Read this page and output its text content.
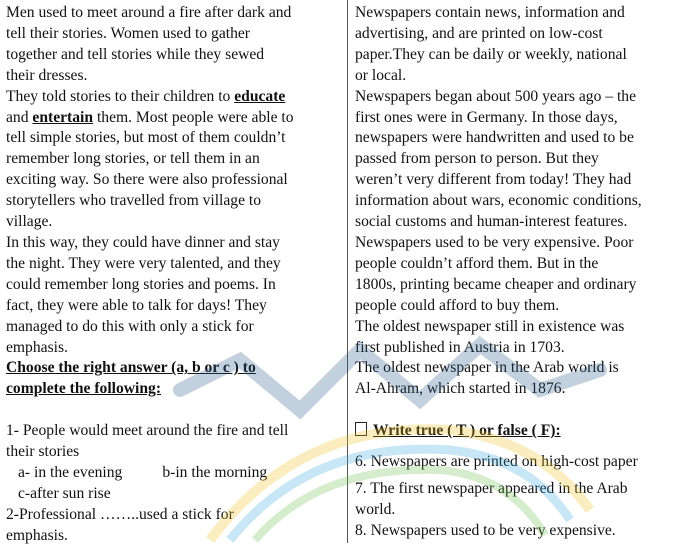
Men used to meet around a fire after dark and

tell their stories. Women used to gather

together and tell stories while they sewed

their dresses.

They told stories to their children to educate

and entertain them. Most people were able to

tell simple stories, but most of them couldn’t

remember long stories, or tell them in an

exciting way. So there were also professional

storytellers who travelled from village to

village.

In this way, they could have dinner and stay

the night. They were very talented, and they

could remember long stories and poems. In

fact, they were able to talk for days! They

managed to do this with only a stick for

emphasis.

Choose the right answer (a, b or c ) to

complete the following:

1- People would meet around the fire and tell

their stories

a- in the evening	b-in the morning

c-after sun rise

2-Professional ……..used a stick for

emphasis.

Newspapers contain news, information and

advertising, and are printed on low-cost

paper.They can be daily or weekly, national

or local.

Newspapers began about 500 years ago – the

first ones were in Germany. In those days,

newspapers were handwritten and used to be

passed from person to person. But they

weren’t very different from today! They had

information about wars, economic conditions,

social customs and human-interest features.

Newspapers used to be very expensive. Poor

people couldn’t afford them. But in the

1800s, printing became cheaper and ordinary

people could afford to buy them.

The oldest newspaper still in existence was

first published in Austria in 1703.

The oldest newspaper in the Arab world is

Al-Ahram, which started in 1876.

Write true ( T ) or false ( F):

6. Newspapers are printed on high-cost paper

7. The first newspaper appeared in the Arab

world.

8. Newspapers used to be very expensive.
